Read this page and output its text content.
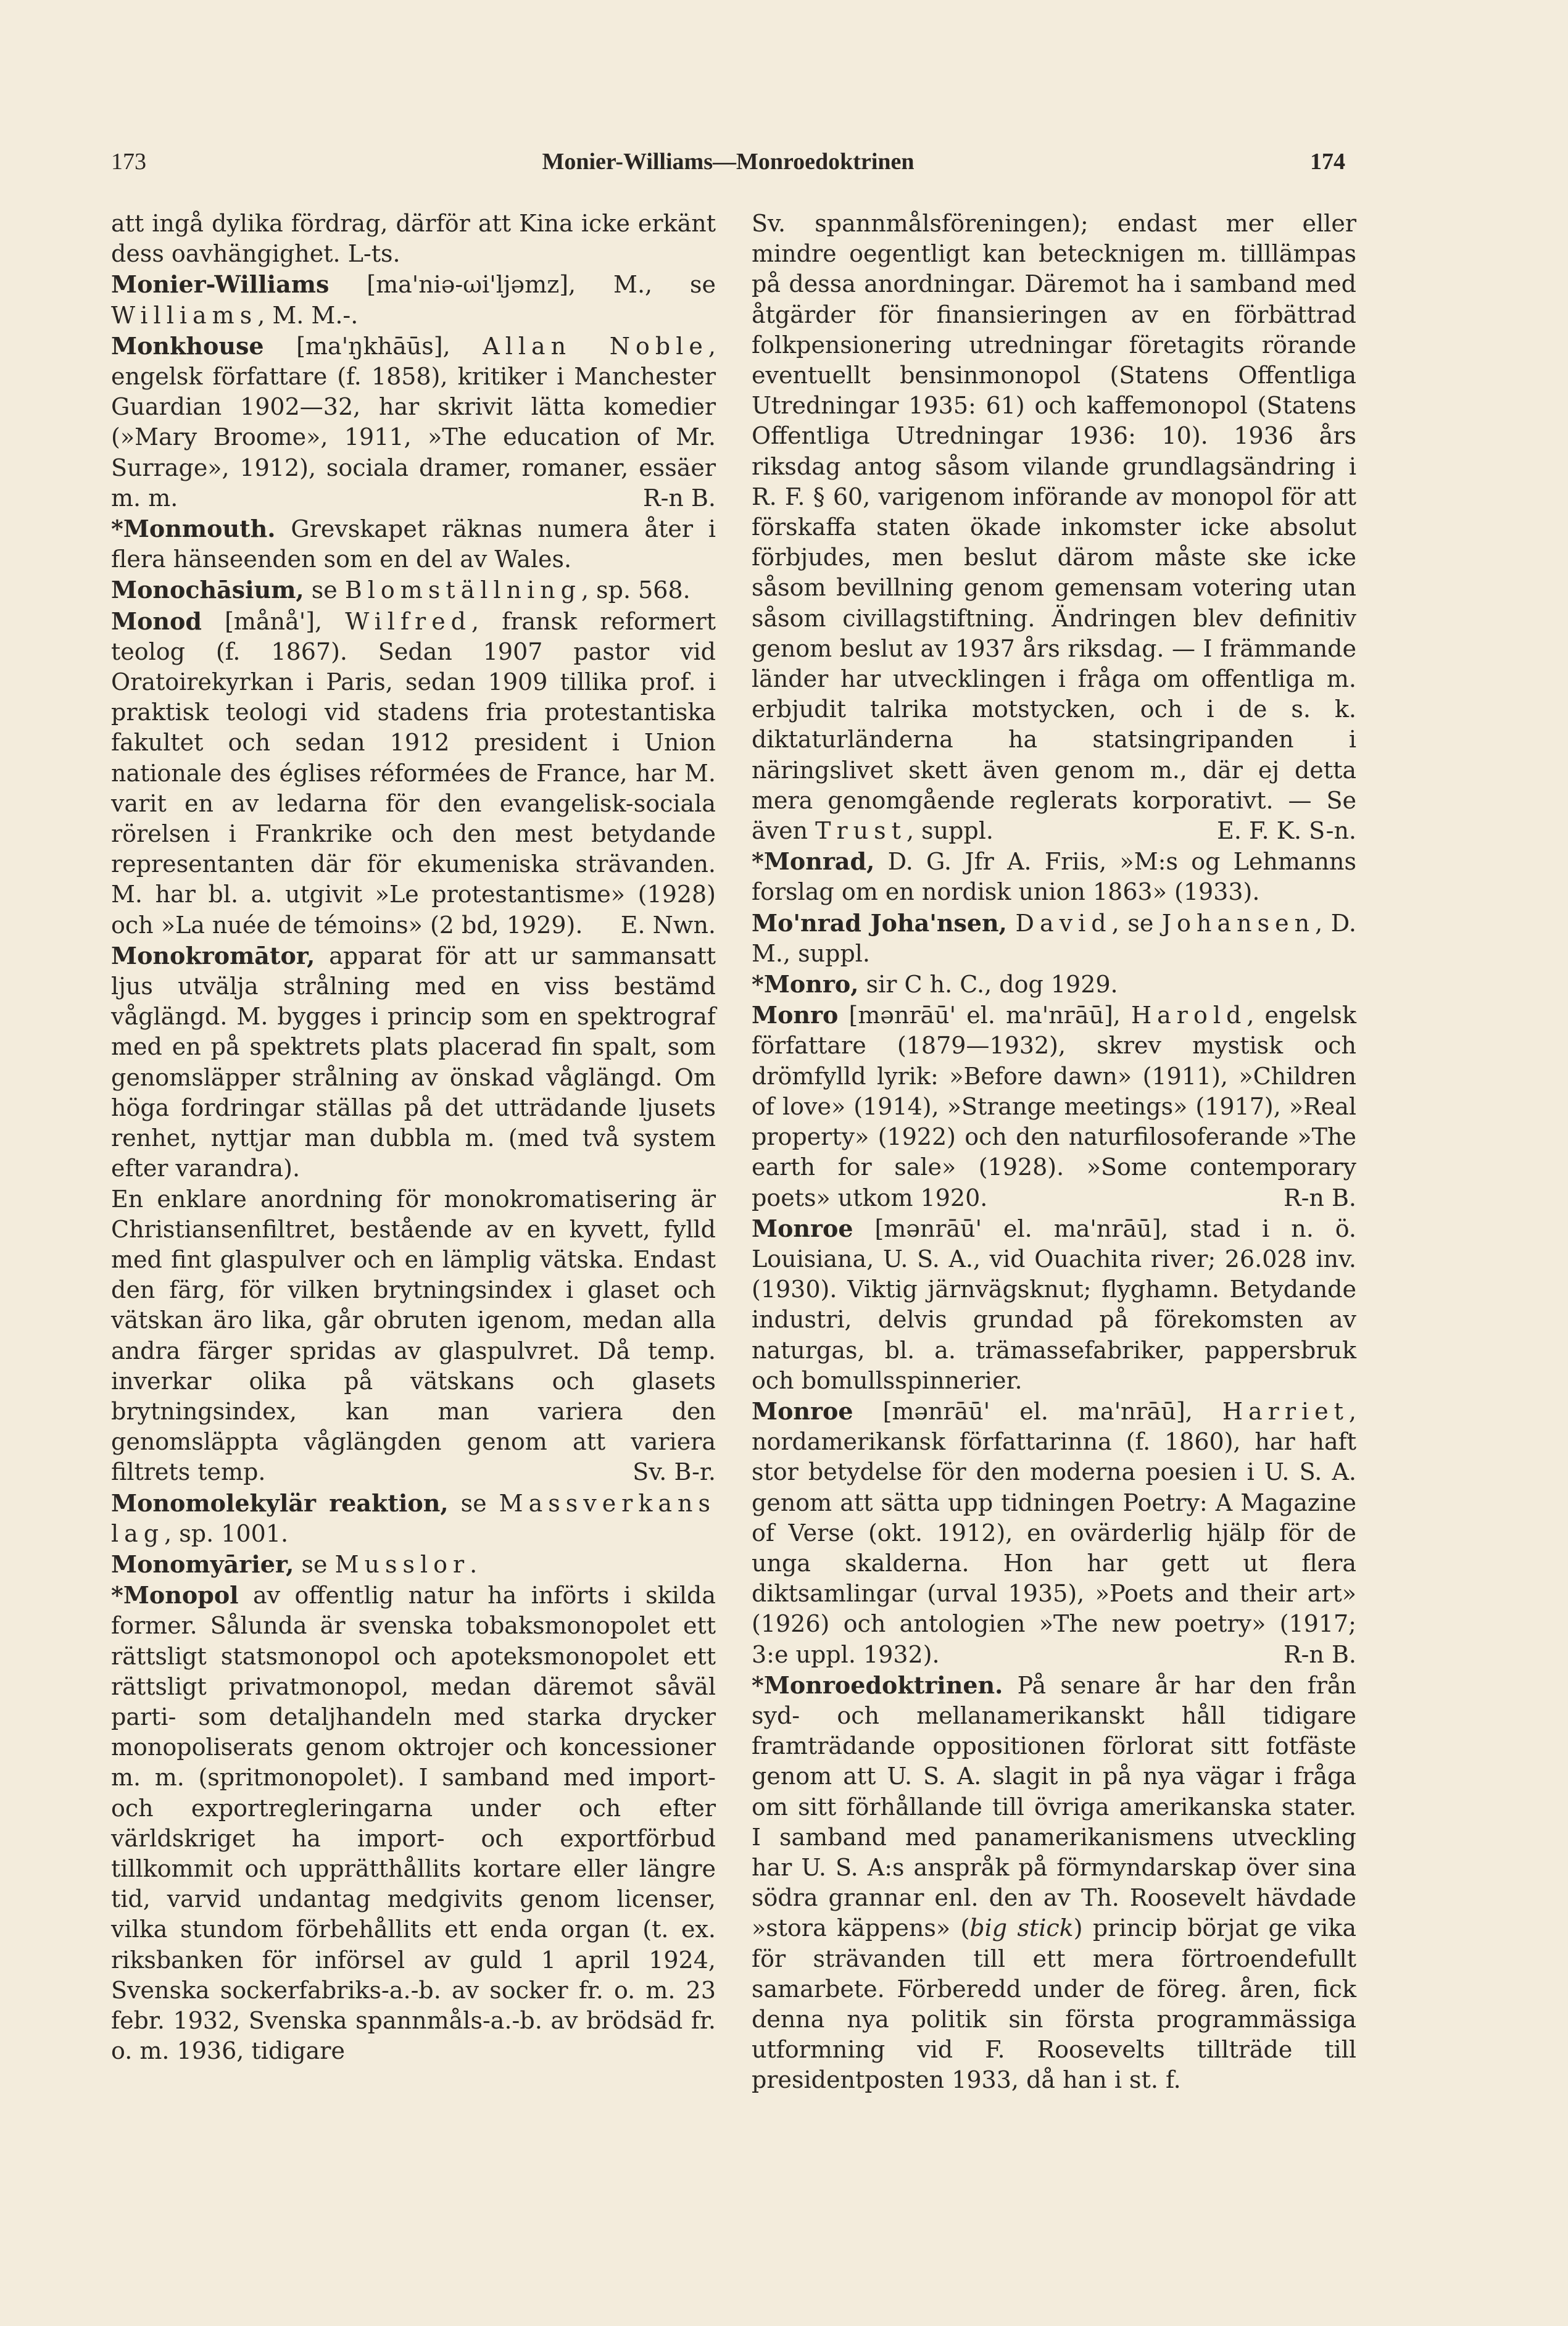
173	Monier-Williams—Monroedoktrinen	174

att ingå dylika fördrag, därför att Kina icke erkänt dess oavhängighet. L-ts.

Monier-Williams [ma'niə-ωi'ljəmz], M., se Williams, M. M.-.

Monkhouse [ma'ŋkhāūs], Allan Noble, engelsk författare (f. 1858), kritiker i Manchester Guardian 1902—32, har skrivit lätta komedier (»Mary Broome», 1911, »The education of Mr. Surrage», 1912), sociala dramer, romaner, essäer m. m.	R-n B.

*Monmouth. Grevskapet räknas numera åter i flera hänseenden som en del av Wales.

Monochāsium, se Blomställning, sp. 568.

Monod [månå'], Wilfred, fransk reformert teolog (f. 1867). Sedan 1907 pastor vid Oratoirekyrkan i Paris, sedan 1909 tillika prof. i praktisk teologi vid stadens fria protestantiska fakultet och sedan 1912 president i Union nationale des églises réformées de France, har M. varit en av ledarna för den evangelisk-sociala rörelsen i Frankrike och den mest betydande representanten där för ekumeniska strävanden. M. har bl. a. utgivit »Le protestantisme» (1928) och »La nuée de témoins» (2 bd, 1929). E. Nwn.

Monokromātor, apparat för att ur sammansatt ljus utvälja strålning med en viss bestämd våglängd. M. bygges i princip som en spektrograf med en på spektrets plats placerad fin spalt, som genomsläpper strålning av önskad våglängd. Om höga fordringar ställas på det utträdande ljusets renhet, nyttjar man dubbla m. (med två system efter varandra).

En enklare anordning för monokromatisering är Christiansenfiltret, bestående av en kyvett, fylld med fint glaspulver och en lämplig vätska. Endast den färg, för vilken brytningsindex i glaset och vätskan äro lika, går obruten igenom, medan alla andra färger spridas av glaspulvret. Då temp. inverkar olika på vätskans och glasets brytningsindex, kan man variera den genomsläppta våglängden genom att variera filtrets temp.	Sv. B-r.

Monomolekylär reaktion, se Massverkans lag, sp. 1001.

Monomyārier, se Musslor.

*Monopol av offentlig natur ha införts i skilda former. Sålunda är svenska tobaksmonopolet ett rättsligt statsmonopol och apoteksmonopolet ett rättsligt privatmonopol, medan däremot såväl parti- som detaljhandeln med starka drycker monopoliserats genom oktrojer och koncessioner m. m. (spritmonopolet). I samband med import- och exportregleringarna under och efter världskriget ha import- och exportförbud tillkommit och upprätthållits kortare eller längre tid, varvid undantag medgivits genom licenser, vilka stundom förbehållits ett enda organ (t. ex. riksbanken för införsel av guld 1 april 1924, Svenska sockerfabriks-a.-b. av socker fr. o. m. 23 febr. 1932, Svenska spannmåls-a.-b. av brödsäd fr. o. m. 1936, tidigare

Sv. spannmålsföreningen); endast mer eller mindre oegentligt kan betecknigen m. tilllämpas på dessa anordningar. Däremot ha i samband med åtgärder för finansieringen av en förbättrad folkpensionering utredningar företagits rörande eventuellt bensinmonopol (Statens Offentliga Utredningar 1935: 61) och kaffemonopol (Statens Offentliga Utredningar 1936: 10). 1936 års riksdag antog såsom vilande grundlagsändring i R. F. § 60, varigenom införande av monopol för att förskaffa staten ökade inkomster icke absolut förbjudes, men beslut därom måste ske icke såsom bevillning genom gemensam votering utan såsom civillagstiftning. Ändringen blev definitiv genom beslut av 1937 års riksdag. — I främmande länder har utvecklingen i fråga om offentliga m. erbjudit talrika motstycken, och i de s. k. diktaturländerna ha statsingripanden i näringslivet skett även genom m., där ej detta mera genomgående reglerats korporativt. — Se även Trust, suppl.	E. F. K. S-n.

*Monrad, D. G. Jfr A. Friis, »M:s og Lehmanns forslag om en nordisk union 1863» (1933).

Mo'nrad Joha'nsen, David, se Johansen, D. M., suppl.

*Monro, sir C h. C., dog 1929.

Monro [mənrāū' el. ma'nrāū], Harold, engelsk författare (1879—1932), skrev mystisk och drömfylld lyrik: »Before dawn» (1911), »Children of love» (1914), »Strange meetings» (1917), »Real property» (1922) och den naturfilosoferande »The earth for sale» (1928). »Some contemporary poets» utkom 1920.	R-n B.

Monroe [mənrāū' el. ma'nrāū], stad i n. ö. Louisiana, U. S. A., vid Ouachita river; 26.028 inv. (1930). Viktig järnvägsknut; flyghamn. Betydande industri, delvis grundad på förekomsten av naturgas, bl. a. trämassefabriker, pappersbruk och bomullsspinnerier.

Monroe [mənrāū' el. ma'nrāū], Harriet, nordamerikansk författarinna (f. 1860), har haft stor betydelse för den moderna poesien i U. S. A. genom att sätta upp tidningen Poetry: A Magazine of Verse (okt. 1912), en ovärderlig hjälp för de unga skalderna. Hon har gett ut flera diktsamlingar (urval 1935), »Poets and their art» (1926) och antologien »The new poetry» (1917; 3:e uppl. 1932).	R-n B.

*Monroedoktrinen. På senare år har den från syd- och mellanamerikanskt håll tidigare framträdande oppositionen förlorat sitt fotfäste genom att U. S. A. slagit in på nya vägar i fråga om sitt förhållande till övriga amerikanska stater. I samband med panamerikanismens utveckling har U. S. A:s anspråk på förmyndarskap över sina södra grannar enl. den av Th. Roosevelt hävdade »stora käppens» (big stick) princip börjat ge vika för strävanden till ett mera förtroendefullt samarbete. Förberedd under de föreg. åren, fick denna nya politik sin första programmässiga utformning vid F. Roosevelts tillträde till presidentposten 1933, då han i st. f.
